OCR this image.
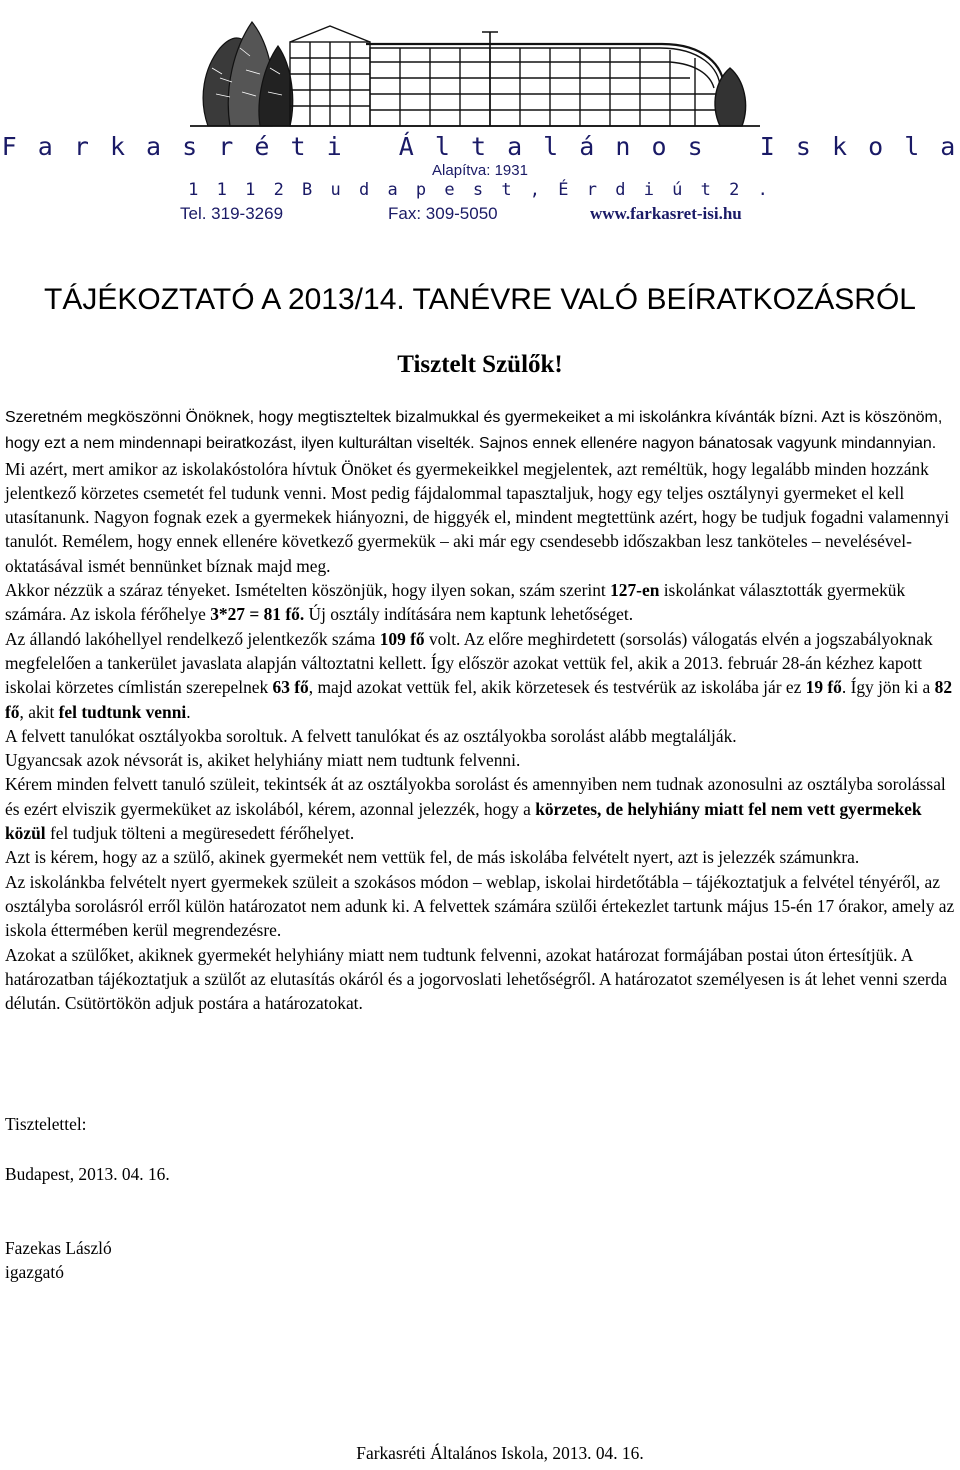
F a r k a s r é t i   Á l t a l á n o s   I s k o l a
Alapítva: 1931
1 1 1 2 B u d a p e s t , É r d i ú t 2 .
Tel. 319-3269	Fax: 309-5050	www.farkasret-isi.hu
TÁJÉKOZTATÓ A 2013/14. TANÉVRE VALÓ BEÍRATKOZÁSRÓL
Tisztelt Szülők!

Szeretném megköszönni Önöknek, hogy megtiszteltek bizalmukkal és gyermekeiket a mi iskolánkra kívánták bízni. Azt is köszönöm, hogy ezt a nem mindennapi beiratkozást, ilyen kulturáltan viselték. Sajnos ennek ellenére nagyon bánatosak vagyunk mindannyian. Mi azért, mert amikor az iskolakóstolóra hívtuk Önöket és gyermekeikkel megjelentek, azt reméltük, hogy legalább minden hozzánk jelentkező körzetes csemetét fel tudunk venni. Most pedig fájdalommal tapasztaljuk, hogy egy teljes osztálynyi gyermeket el kell utasítanunk. Nagyon fognak ezek a gyermekek hiányozni, de higgyék el, mindent megtettünk azért, hogy be tudjuk fogadni valamennyi tanulót. Remélem, hogy ennek ellenére következő gyermekük – aki már egy csendesebb időszakban lesz tanköteles – nevelésével-oktatásával ismét bennünket bíznak majd meg.

Akkor nézzük a száraz tényeket. Ismételten köszönjük, hogy ilyen sokan, szám szerint 127-en iskolánkat választották gyermekük számára. Az iskola férőhelye 3*27 = 81 fő. Új osztály indítására nem kaptunk lehetőséget.

Az állandó lakóhellyel rendelkező jelentkezők száma 109 fő volt. Az előre meghirdetett (sorsolás) válogatás elvén a jogszabályoknak megfelelően a tankerület javaslata alapján változtatni kellett. Így először azokat vettük fel, akik a 2013. február 28-án kézhez kapott iskolai körzetes címlistán szerepelnek 63 fő, majd azokat vettük fel, akik körzetesek és testvérük az iskolába jár ez 19 fő. Így jön ki a 82 fő, akit fel tudtunk venni.

A felvett tanulókat osztályokba soroltuk. A felvett tanulókat és az osztályokba sorolást alább megtalálják.

Ugyancsak azok névsorát is, akiket helyhiány miatt nem tudtunk felvenni.

Kérem minden felvett tanuló szüleit, tekintsék át az osztályokba sorolást és amennyiben nem tudnak azonosulni az osztályba sorolással és ezért elviszik gyermeküket az iskolából, kérem, azonnal jelezzék, hogy a körzetes, de helyhiány miatt fel nem vett gyermekek közül fel tudjuk tölteni a megüresedett férőhelyet.

Azt is kérem, hogy az a szülő, akinek gyermekét nem vettük fel, de más iskolába felvételt nyert, azt is jelezzék számunkra.

Az iskolánkba felvételt nyert gyermekek szüleit a szokásos módon – weblap, iskolai hirdetőtábla – tájékoztatjuk a felvétel tényéről, az osztályba sorolásról erről külön határozatot nem adunk ki. A felvettek számára szülői értekezlet tartunk május 15-én 17 órakor, amely az iskola éttermében kerül megrendezésre.

Azokat a szülőket, akiknek gyermekét helyhiány miatt nem tudtunk felvenni, azokat határozat formájában postai úton értesítjük. A határozatban tájékoztatjuk a szülőt az elutasítás okáról és a jogorvoslati lehetőségről. A határozatot személyesen is át lehet venni szerda délután. Csütörtökön adjuk postára a határozatokat.

Tisztelettel:
Budapest, 2013. 04. 16.
Fazekas László
igazgató
Farkasréti Általános Iskola, 2013. 04. 16.
